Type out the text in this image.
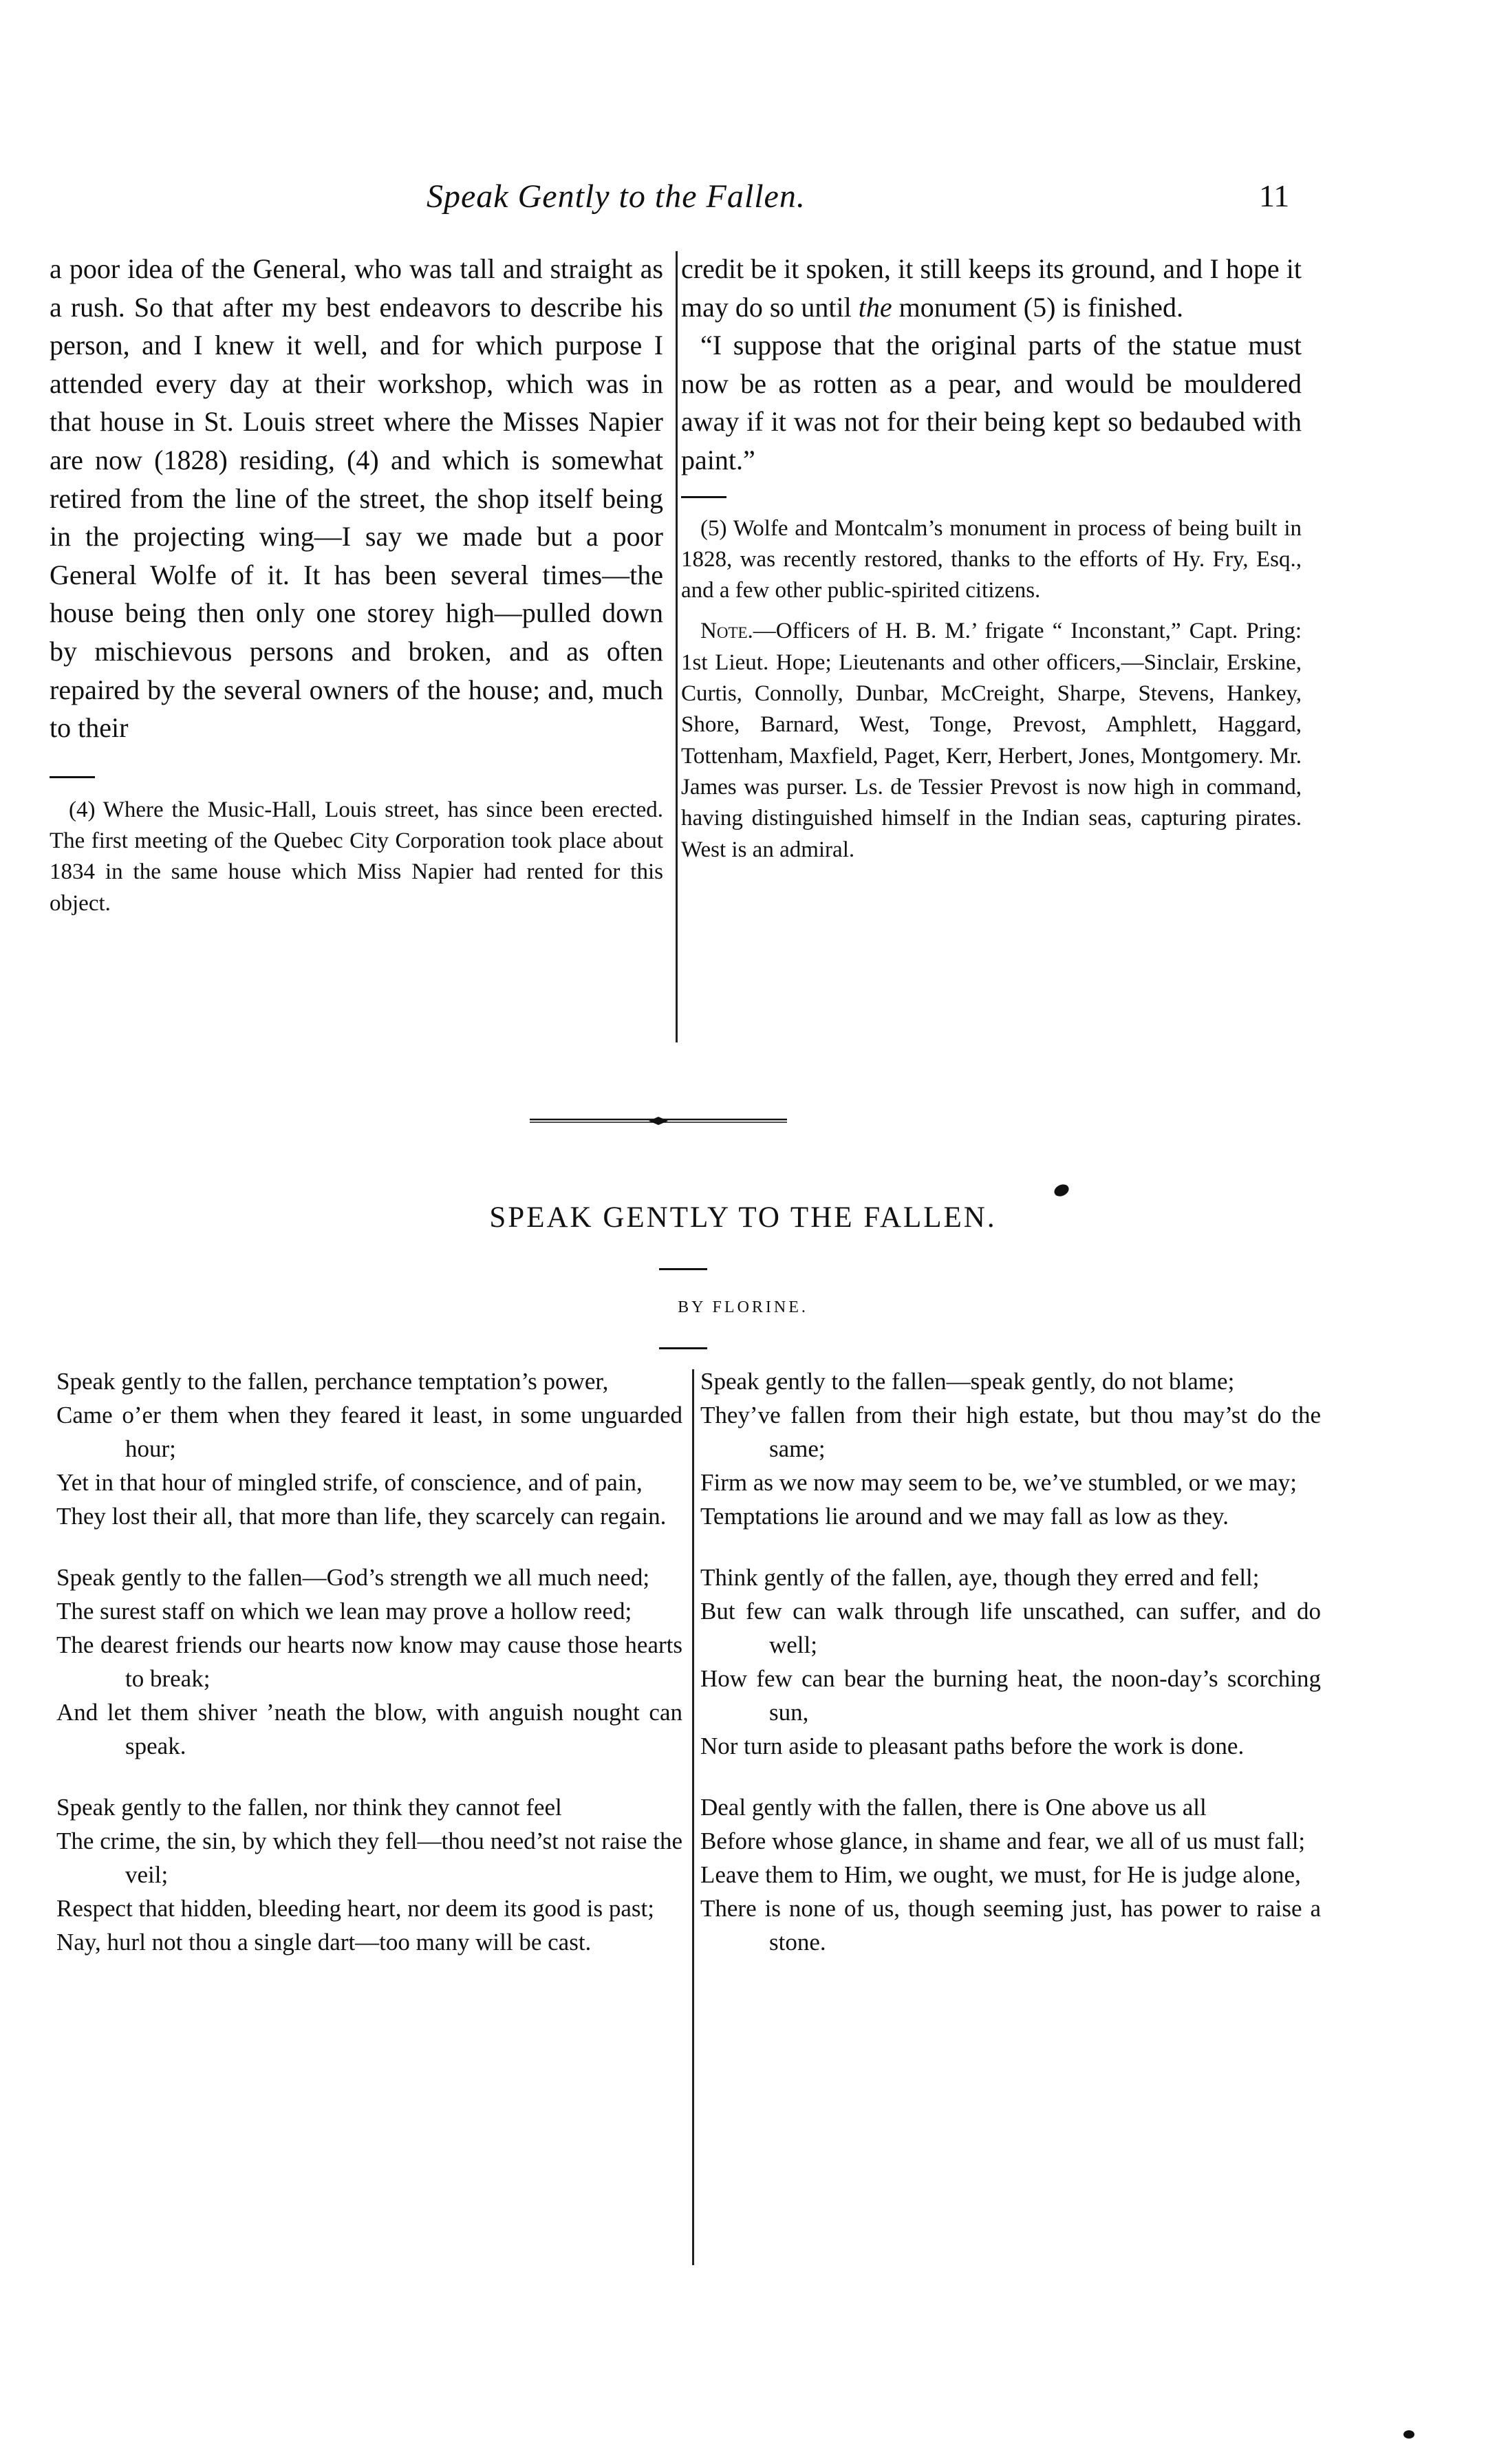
Speak Gently to the Fallen.	11

a poor idea of the General, who was tall and straight as a rush. So that after my best endeavors to describe his person, and I knew it well, and for which purpose I attended every day at their workshop, which was in that house in St. Louis street where the Misses Napier are now (1828) residing, (4) and which is somewhat retired from the line of the street, the shop itself being in the projecting wing—I say we made but a poor General Wolfe of it. It has been several times—the house being then only one storey high—pulled down by mischievous persons and broken, and as often repaired by the several owners of the house; and, much to their

(4) Where the Music-Hall, Louis street, has since been erected. The first meeting of the Quebec City Corporation took place about 1834 in the same house which Miss Napier had rented for this object.

credit be it spoken, it still keeps its ground, and I hope it may do so until the monument (5) is finished.

“I suppose that the original parts of the statue must now be as rotten as a pear, and would be mouldered away if it was not for their being kept so bedaubed with paint.”

(5) Wolfe and Montcalm’s monument in process of being built in 1828, was recently restored, thanks to the efforts of Hy. Fry, Esq., and a few other public-spirited citizens.

Note.—Officers of H. B. M.’ frigate “ Inconstant,” Capt. Pring: 1st Lieut. Hope; Lieutenants and other officers,—Sinclair, Erskine, Curtis, Connolly, Dunbar, McCreight, Sharpe, Stevens, Hankey, Shore, Barnard, West, Tonge, Prevost, Amphlett, Haggard, Tottenham, Maxfield, Paget, Kerr, Herbert, Jones, Montgomery. Mr. James was purser. Ls. de Tessier Prevost is now high in command, having distinguished himself in the Indian seas, capturing pirates. West is an admiral.

SPEAK GENTLY TO THE FALLEN.
BY FLORINE.
Speak gently to the fallen, perchance temptation’s power,
Came o’er them when they feared it least, in some unguarded hour;
Yet in that hour of mingled strife, of conscience, and of pain,
They lost their all, that more than life, they scarcely can regain.
Speak gently to the fallen—God’s strength we all much need;
The surest staff on which we lean may prove a hollow reed;
The dearest friends our hearts now know may cause those hearts to break;
And let them shiver ’neath the blow, with anguish nought can speak.
Speak gently to the fallen, nor think they cannot feel
The crime, the sin, by which they fell—thou need’st not raise the veil;
Respect that hidden, bleeding heart, nor deem its good is past;
Nay, hurl not thou a single dart—too many will be cast.
Speak gently to the fallen—speak gently, do not blame;
They’ve fallen from their high estate, but thou may’st do the same;
Firm as we now may seem to be, we’ve stumbled, or we may;
Temptations lie around and we may fall as low as they.
Think gently of the fallen, aye, though they erred and fell;
But few can walk through life unscathed, can suffer, and do well;
How few can bear the burning heat, the noon-day’s scorching sun,
Nor turn aside to pleasant paths before the work is done.
Deal gently with the fallen, there is One above us all
Before whose glance, in shame and fear, we all of us must fall;
Leave them to Him, we ought, we must, for He is judge alone,
There is none of us, though seeming just, has power to raise a stone.
